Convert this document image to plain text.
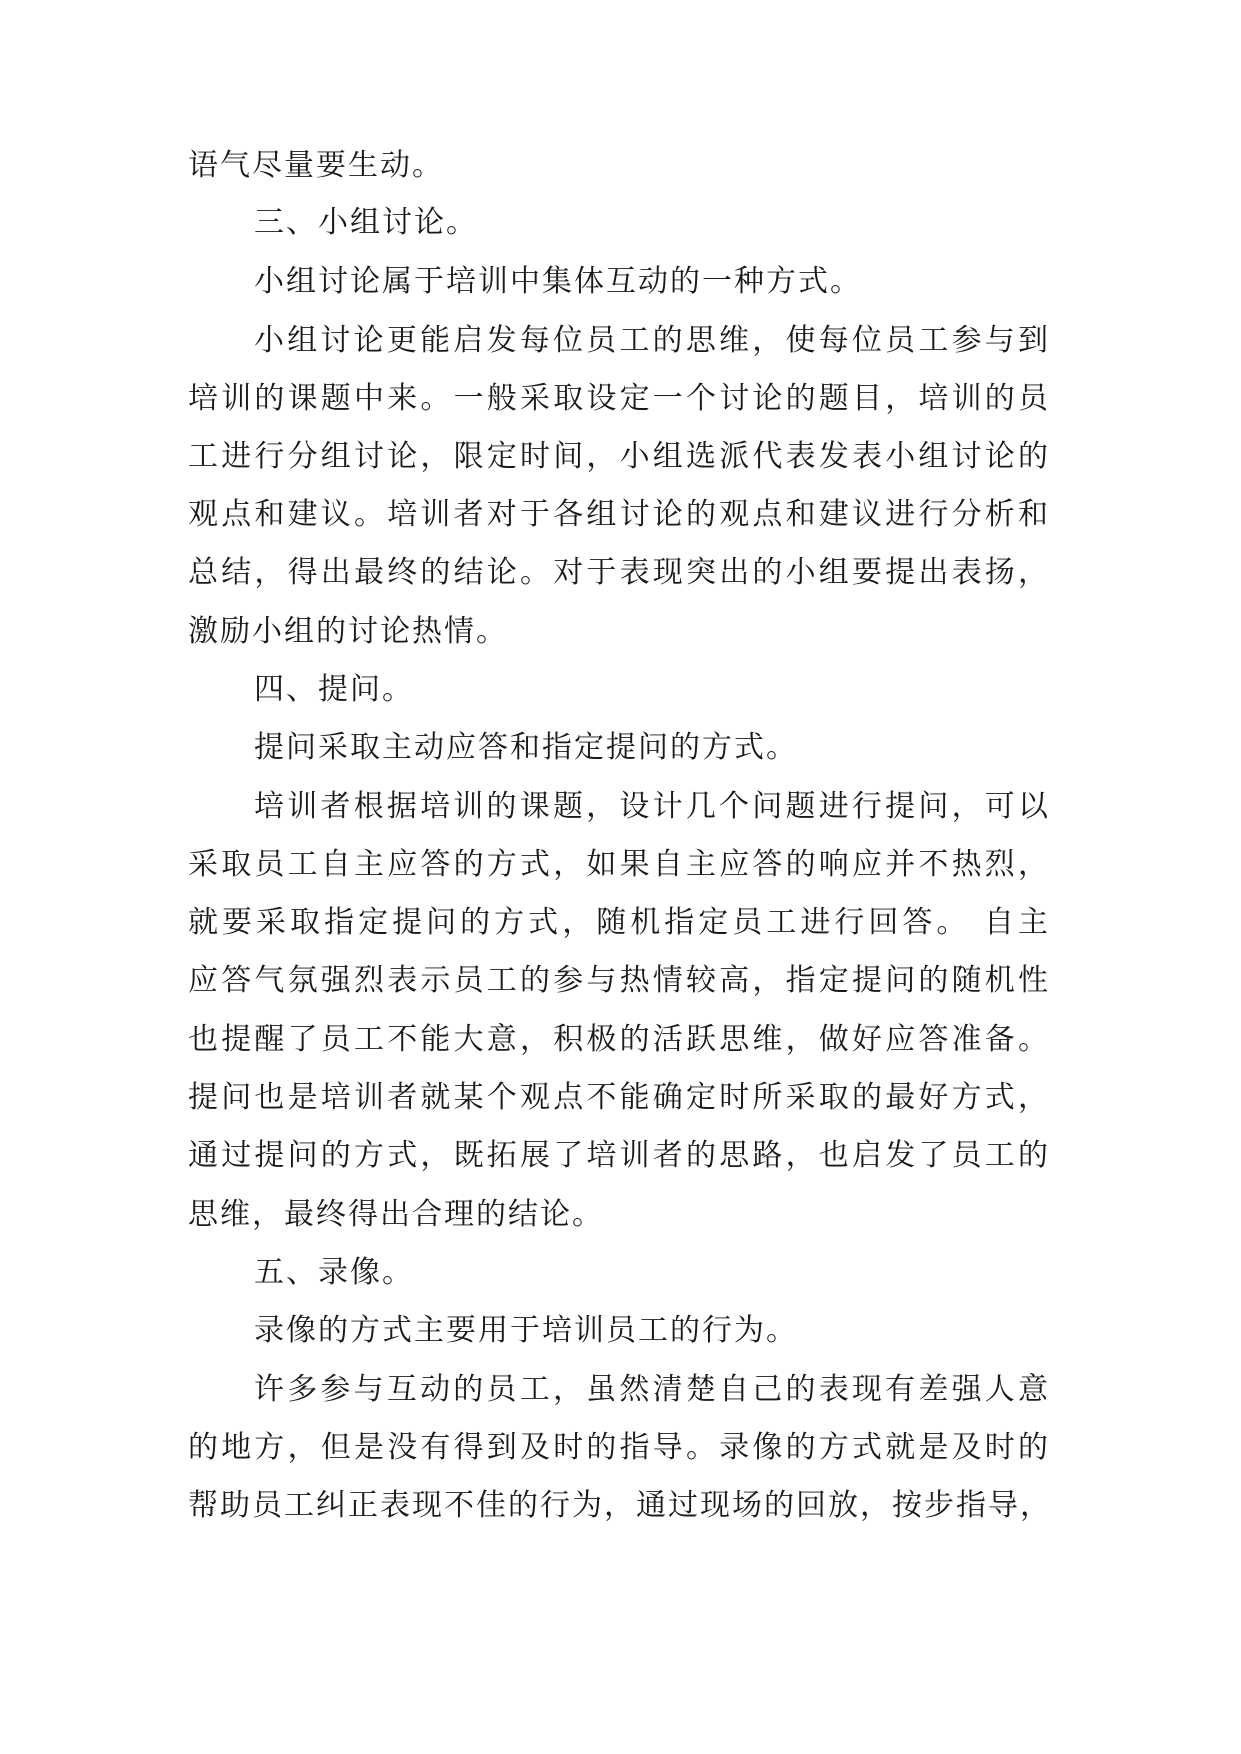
语气尽量要生动。
三、小组讨论。
小组讨论属于培训中集体互动的一种方式。
小组讨论更能启发每位员工的思维，使每位员工参与到
培训的课题中来。一般采取设定一个讨论的题目，培训的员
工进行分组讨论，限定时间，小组选派代表发表小组讨论的
观点和建议。培训者对于各组讨论的观点和建议进行分析和
总结，得出最终的结论。对于表现突出的小组要提出表扬，
激励小组的讨论热情。
四、提问。
提问采取主动应答和指定提问的方式。
培训者根据培训的课题，设计几个问题进行提问，可以
采取员工自主应答的方式，如果自主应答的响应并不热烈，
就要采取指定提问的方式，随机指定员工进行回答。 自主
应答气氛强烈表示员工的参与热情较高，指定提问的随机性
也提醒了员工不能大意，积极的活跃思维，做好应答准备。
提问也是培训者就某个观点不能确定时所采取的最好方式，
通过提问的方式，既拓展了培训者的思路，也启发了员工的
思维，最终得出合理的结论。
五、录像。
录像的方式主要用于培训员工的行为。
许多参与互动的员工，虽然清楚自己的表现有差强人意
的地方，但是没有得到及时的指导。录像的方式就是及时的
帮助员工纠正表现不佳的行为，通过现场的回放，按步指导，
